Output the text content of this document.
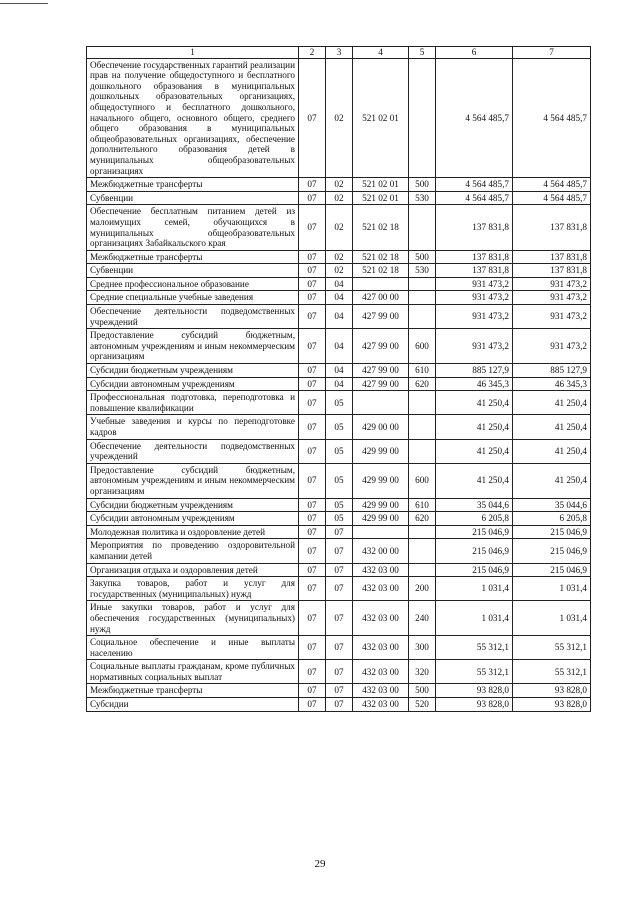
1	2	3	4	5	6	7
Обеспечение государственных гарантий реализации прав на получение общедоступного и бесплатного дошкольного образования в муниципальных дошкольных образовательных организациях, общедоступного и бесплатного дошкольного, начального общего, основного общего, среднего общего образования в муниципальных общеобразовательных организациях, обеспечение дополнительного образования детей в муниципальных общеобразовательных организациях	07	02	521 02 01		4 564 485,7	4 564 485,7
Межбюджетные трансферты	07	02	521 02 01	500	4 564 485,7	4 564 485,7
Субвенции	07	02	521 02 01	530	4 564 485,7	4 564 485,7
Обеспечение бесплатным питанием детей из малоимущих семей, обучающихся в муниципальных общеобразовательных организациях Забайкальского края	07	02	521 02 18		137 831,8	137 831,8
Межбюджетные трансферты	07	02	521 02 18	500	137 831,8	137 831,8
Субвенции	07	02	521 02 18	530	137 831,8	137 831,8
Среднее профессиональное образование	07	04			931 473,2	931 473,2
Средние специальные учебные заведения	07	04	427 00 00		931 473,2	931 473,2
Обеспечение деятельности подведомственных учреждений	07	04	427 99 00		931 473,2	931 473,2
Предоставление субсидий бюджетным, автономным учреждениям и иным некоммерческим организациям	07	04	427 99 00	600	931 473,2	931 473,2
Субсидии бюджетным учреждениям	07	04	427 99 00	610	885 127,9	885 127,9
Субсидии автономным учреждениям	07	04	427 99 00	620	46 345,3	46 345,3
Профессиональная подготовка, переподготовка и повышение квалификации	07	05			41 250,4	41 250,4
Учебные заведения и курсы по переподготовке кадров	07	05	429 00 00		41 250,4	41 250,4
Обеспечение деятельности подведомственных учреждений	07	05	429 99 00		41 250,4	41 250,4
Предоставление субсидий бюджетным, автономным учреждениям и иным некоммерческим организациям	07	05	429 99 00	600	41 250,4	41 250,4
Субсидии бюджетным учреждениям	07	05	429 99 00	610	35 044,6	35 044,6
Субсидии автономным учреждениям	07	05	429 99 00	620	6 205,8	6 205,8
Молодежная политика и оздоровление детей	07	07			215 046,9	215 046,9
Мероприятия по проведению оздоровительной кампании детей	07	07	432 00 00		215 046,9	215 046,9
Организация отдыха и оздоровления детей	07	07	432 03 00		215 046,9	215 046,9
Закупка товаров, работ и услуг для государственных (муниципальных) нужд	07	07	432 03 00	200	1 031,4	1 031,4
Иные закупки товаров, работ и услуг для обеспечения государственных (муниципальных) нужд	07	07	432 03 00	240	1 031,4	1 031,4
Социальное обеспечение и иные выплаты населению	07	07	432 03 00	300	55 312,1	55 312,1
Социальные выплаты гражданам, кроме публичных нормативных социальных выплат	07	07	432 03 00	320	55 312,1	55 312,1
Межбюджетные трансферты	07	07	432 03 00	500	93 828,0	93 828,0
Субсидии	07	07	432 03 00	520	93 828,0	93 828,0
29
